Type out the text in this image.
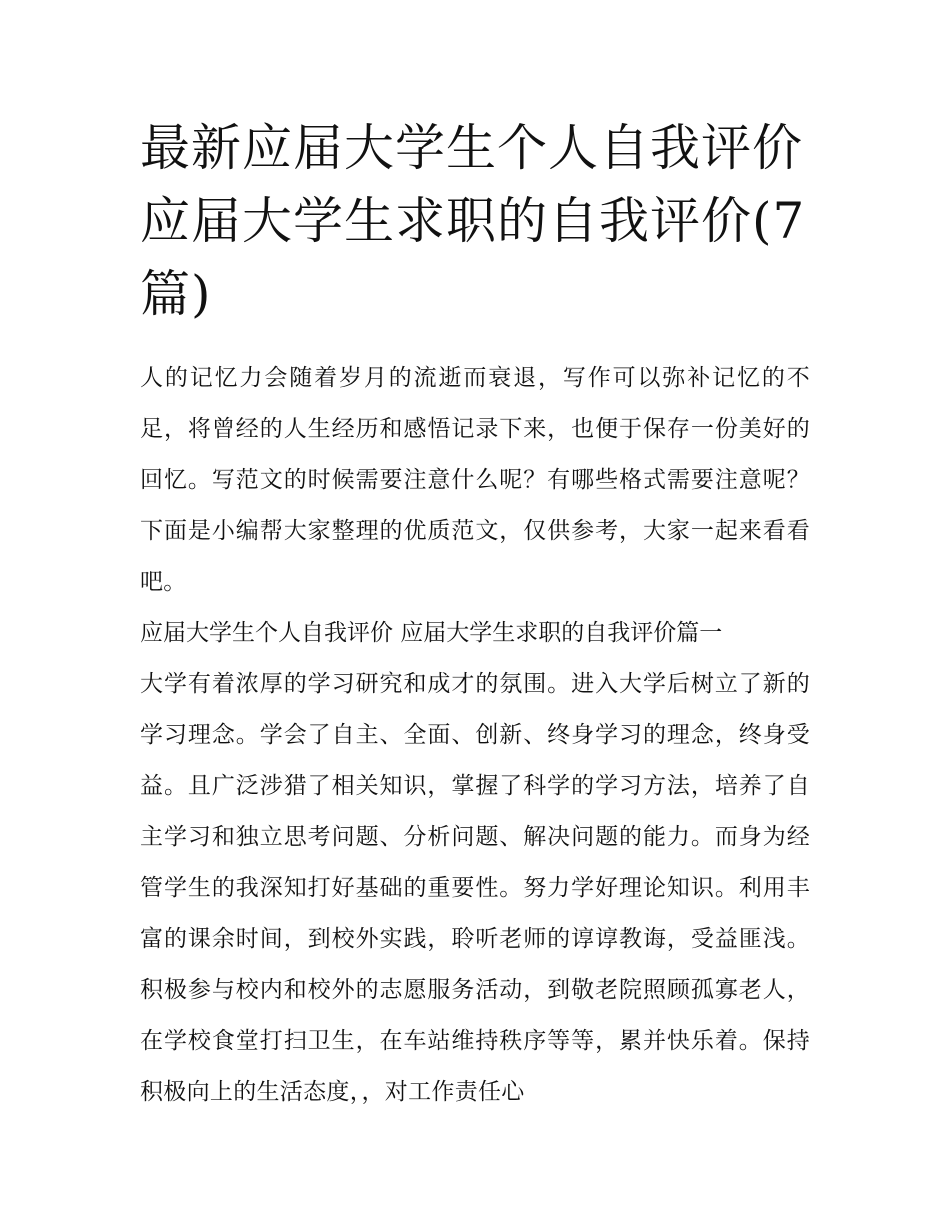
最新应届大学生个人自我评价 应届大学生求职的自我评价(7篇)

人的记忆力会随着岁月的流逝而衰退，写作可以弥补记忆的不足，将曾经的人生经历和感悟记录下来，也便于保存一份美好的回忆。写范文的时候需要注意什么呢？有哪些格式需要注意呢？下面是小编帮大家整理的优质范文，仅供参考，大家一起来看看吧。

应届大学生个人自我评价 应届大学生求职的自我评价篇一

大学有着浓厚的学习研究和成才的氛围。进入大学后树立了新的学习理念。学会了自主、全面、创新、终身学习的理念，终身受益。且广泛涉猎了相关知识，掌握了科学的学习方法，培养了自主学习和独立思考问题、分析问题、解决问题的能力。而身为经管学生的我深知打好基础的重要性。努力学好理论知识。利用丰富的课余时间，到校外实践，聆听老师的谆谆教诲，受益匪浅。积极参与校内和校外的志愿服务活动，到敬老院照顾孤寡老人，在学校食堂打扫卫生，在车站维持秩序等等，累并快乐着。保持积极向上的生活态度，，对工作责任心
